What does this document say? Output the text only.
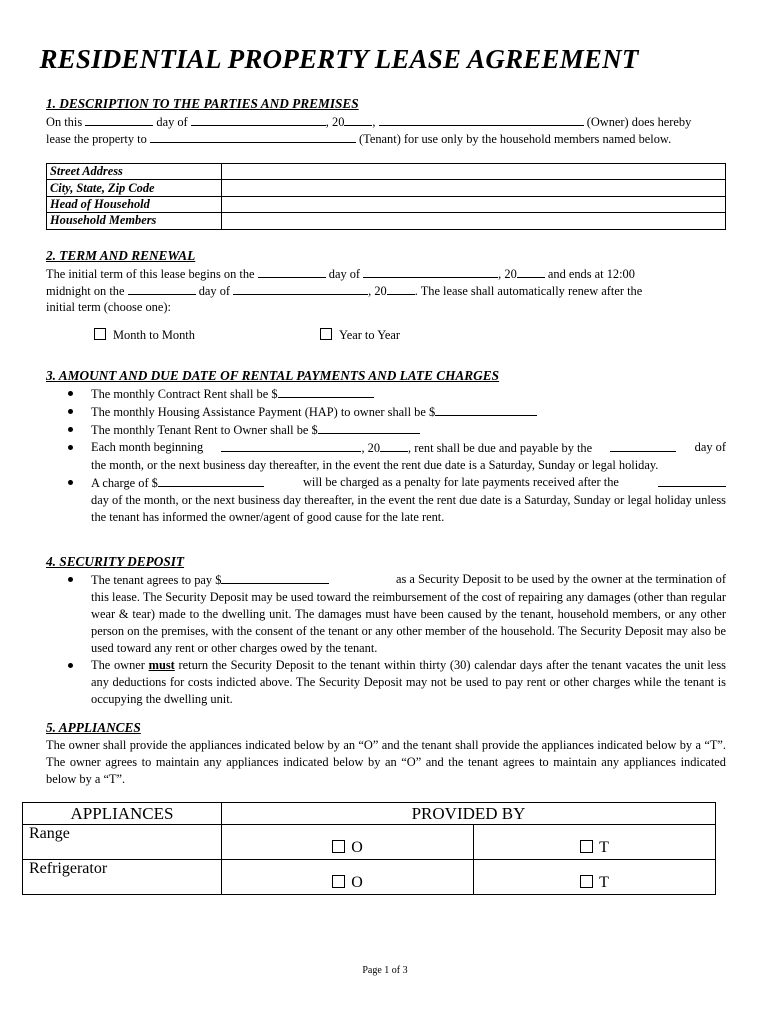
RESIDENTIAL PROPERTY LEASE AGREEMENT
1. DESCRIPTION TO THE PARTIES AND PREMISES
On this	day of	, 20 ,	(Owner) does hereby
lease the property to	(Tenant) for use only by the household members named below.
Street Address	
City, State, Zip Code	
Head of Household	
Household Members	
2. TERM AND RENEWAL
The initial term of this lease begins on the	day of	, 20	and ends at 12:00
midnight on the	day of	, 20 . The lease shall automatically renew after the
initial term (choose one):
Month to Month	Year to Year
3. AMOUNT AND DUE DATE OF RENTAL PAYMENTS AND LATE CHARGES
The monthly Contract Rent shall be $
The monthly Housing Assistance Payment (HAP) to owner shall be $
The monthly Tenant Rent to Owner shall be $
Each month beginning	, 20 , rent shall be due and payable by the	day of
the month, or the next business day thereafter, in the event the rent due date is a Saturday, Sunday or legal holiday.
A charge of $	will be charged as a penalty for late payments received after the
day of the month, or the next business day thereafter, in the event the rent due date is a Saturday, Sunday or legal holiday unless the tenant has informed the owner/agent of good cause for the late rent.
4. SECURITY DEPOSIT
The tenant agrees to pay $	as a Security Deposit to be used by the owner at the termination of
this lease. The Security Deposit may be used toward the reimbursement of the cost of repairing any damages (other than regular wear & tear) made to the dwelling unit. The damages must have been caused by the tenant, household members, or any other person on the premises, with the consent of the tenant or any other member of the household. The Security Deposit may also be used toward any rent or other charges owed by the tenant.
The owner must return the Security Deposit to the tenant within thirty (30) calendar days after the tenant vacates the unit less any deductions for costs indicted above. The Security Deposit may not be used to pay rent or other charges while the tenant is occupying the dwelling unit.
5. APPLIANCES
The owner shall provide the appliances indicated below by an “O” and the tenant shall provide the appliances indicated below by a “T”. The owner agrees to maintain any appliances indicated below by an “O” and the tenant agrees to maintain any appliances indicated below by a “T”.
APPLIANCES	PROVIDED BY	
Range	O	T
Refrigerator	O	T
Page 1 of 3
